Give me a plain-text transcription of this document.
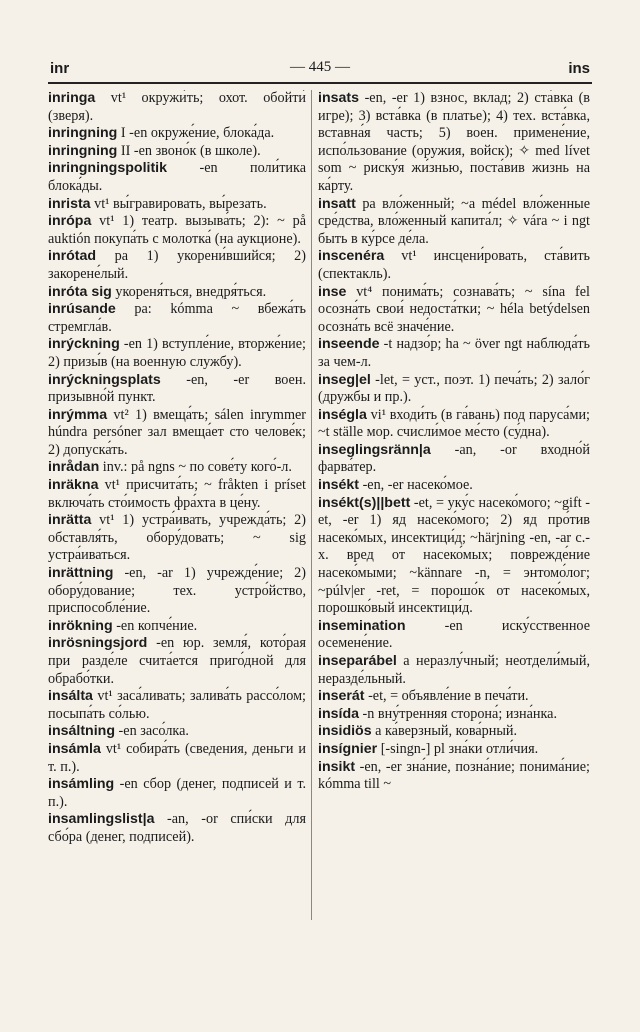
inr	— 445 —	ins

inringa vt¹ окружи́ть; охот. обойти́ (зверя).

inringning I -en окруже́ние, блока́да.

inringning II -en звоно́к (в школе).

inringningspolitik -en поли́тика блока́ды.

inrista vt¹ вы́гравировать, вы́резать.

inrópa vt¹ 1) театр. вызыва́ть; 2): ~ på auktión покупа́ть с молотка́ (на аукционе).

inrótad pa 1) укорени́вшийся; 2) закорене́лый.

inróta sig укореня́ться, внедря́ться.

inrúsande pa: kómma ~ вбежа́ть стремгла́в.

inrýckning -en 1) вступле́ние, вторже́ние; 2) призы́в (на военную службу).

inrýckningsplats -en, -er воен. призывно́й пункт.

inrýmma vt² 1) вмеща́ть; sálen inrymmer húndra persóner зал вмеща́ет сто челове́к; 2) допуска́ть.

inrådan inv.: på ngns ~ по сове́ту кого́-л.

inräkna vt¹ присчита́ть; ~ fråkten i príset включа́ть сто́имость фра́хта в це́ну.

inrätta vt¹ 1) устра́ивать, учрежда́ть; 2) обставля́ть, обору́довать; ~ sig устра́иваться.

inrättning -en, -ar 1) учрежде́ние; 2) обору́дование; тех. устро́йство, приспособле́ние.

inrökning -en копче́ние.

inrösningsjord -en юр. земля́, кото́рая при разде́ле счита́ется приго́дной для обрабо́тки.

insálta vt¹ заса́ливать; залива́ть рассо́лом; посыпа́ть со́лью.

insáltning -en засо́лка.

insámla vt¹ собира́ть (сведения, деньги и т. п.).

insámling -en сбор (денег, подписей и т. п.).

insamlingslist|a -an, -or спи́ски для сбо́ра (денег, подписей).

insats -en, -er 1) взнос, вклад; 2) ста́вка (в игре); 3) вста́вка (в платье); 4) тех. вста́вка, вставна́я часть; 5) воен. примене́ние, испо́льзование (оружия, войск); ✧ med lívet som ~ риску́я жи́знью, поста́вив жизнь на ка́рту.

insatt pa вло́женный; ~a médel вло́женные сре́дства, вло́женный капита́л; ✧ vára ~ i ngt быть в ку́рсе де́ла.

inscenéra vt¹ инсцени́ровать, ста́вить (спектакль).

inse vt⁴ понима́ть; сознава́ть; ~ sína fel осозна́ть свои́ недоста́тки; ~ héla betýdelsen осозна́ть всё значе́ние.

inseende -t надзо́р; ha ~ över ngt наблюда́ть за чем-л.

inseg|el -let, = уст., поэт. 1) печа́ть; 2) зало́г (дружбы и пр.).

inségla vi¹ входи́ть (в га́вань) под паруса́ми; ~t ställe мор. счисли́мое ме́сто (су́дна).

inseglingsränn|a -an, -or входно́й фарва́тер.

insékt -en, -er насеко́мое.

insékt(s)||bett -et, = уку́с насеко́мого; ~gift -et, -er 1) яд насеко́мого; 2) яд про́тив насеко́мых, инсектици́д; ~härjning -en, -ar с.-х. вред от насеко́мых; поврежде́ние насеко́мыми; ~kännare -n, = энтомо́лог; ~púlv|er -ret, = порошо́к от насеко́мых, порошко́вый инсектици́д.

insemination -en иску́сственное осемене́ние.

inseparábel a неразлу́чный; неотдели́мый, неразде́льный.

inserát -et, = объявле́ние в печа́ти.

insída -n вну́тренняя сторона́; изна́нка.

insidiös a ка́верзный, кова́рный.

insígnier [-singn-] pl зна́ки отли́чия.

insikt -en, -er зна́ние, позна́ние; понима́ние; kómma till ~
